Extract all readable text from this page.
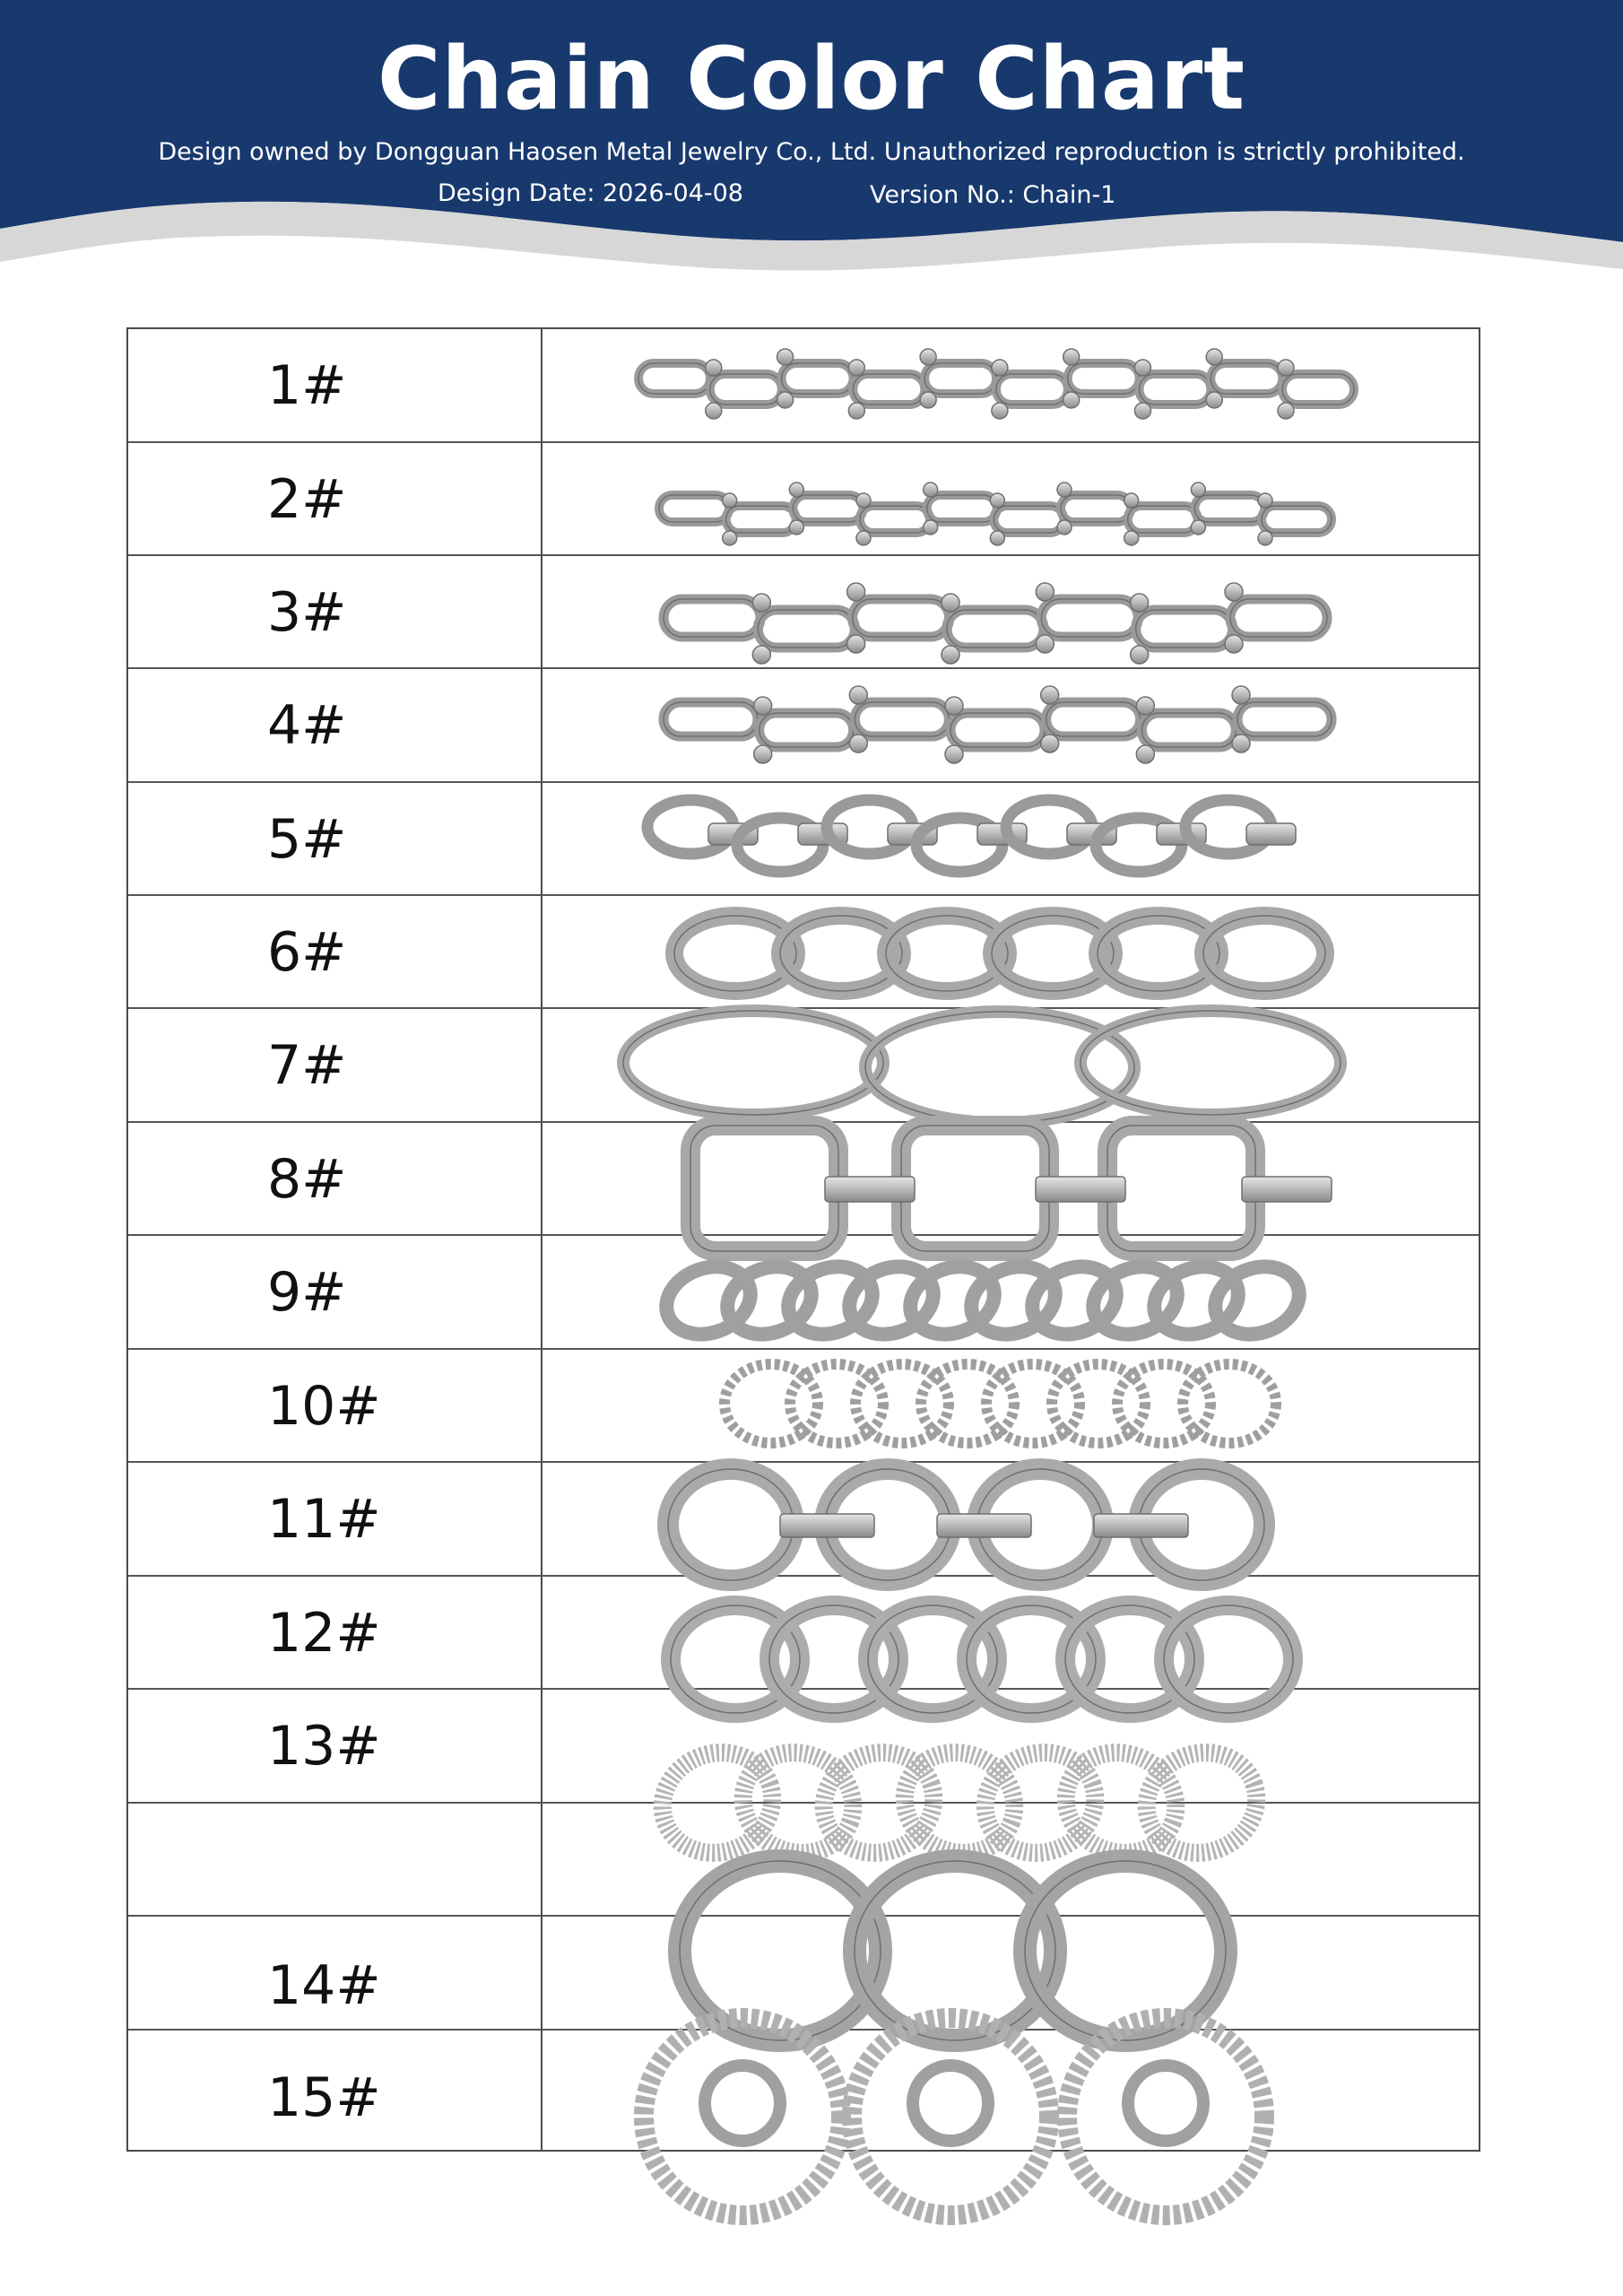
Chain Color Chart
Design owned by Dongguan Haosen Metal Jewelry Co., Ltd. Unauthorized reproduction is strictly prohibited.
Design Date: 2026-04-08	Version No.: Chain-1
1#
2#
3#
4#
5#
6#
7#
8#
9#
10#
11#
12#
13#
14#
15#
